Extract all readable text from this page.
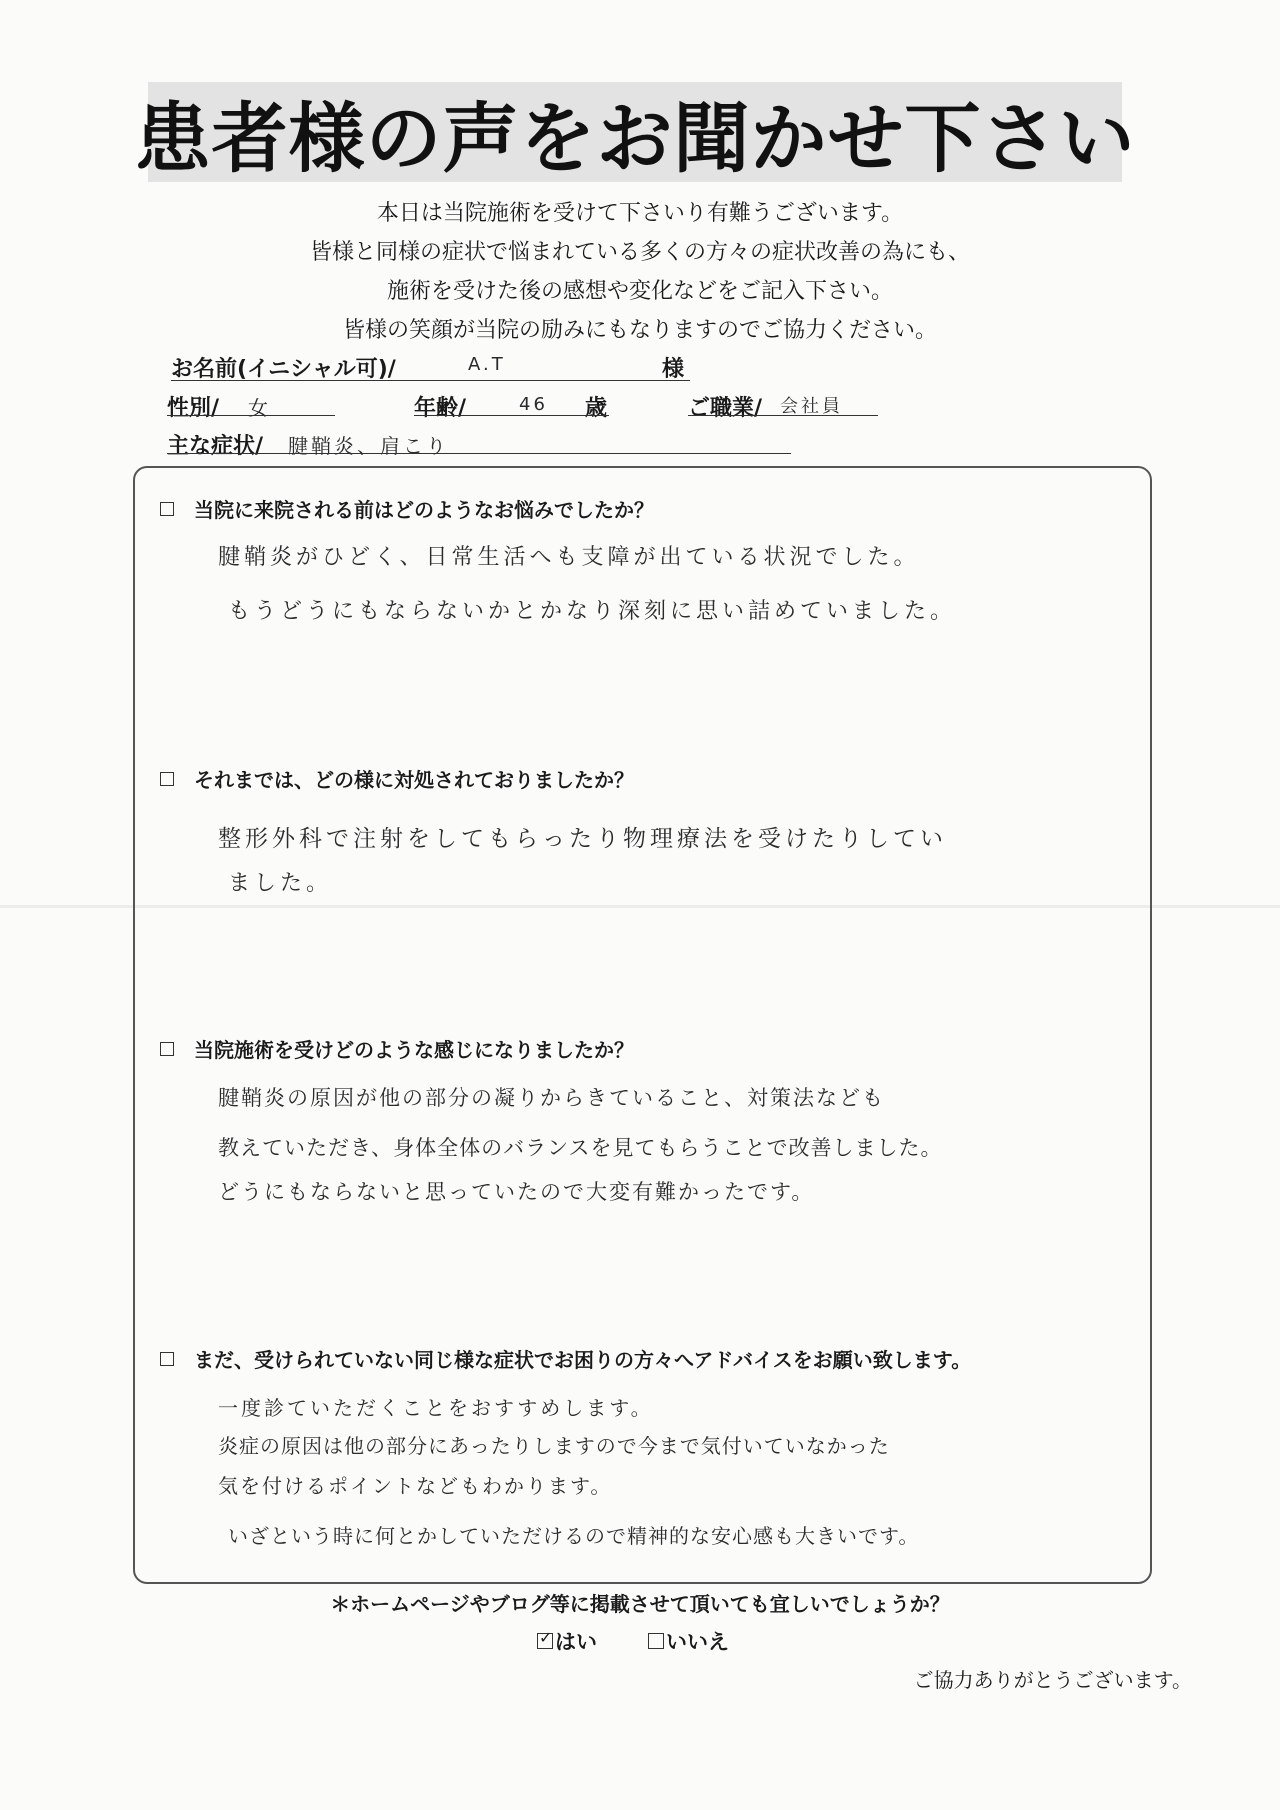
患者様の声をお聞かせ下さい
本日は当院施術を受けて下さいり有難うございます。
皆様と同様の症状で悩まれている多くの方々の症状改善の為にも、
施術を受けた後の感想や変化などをご記入下さい。
皆様の笑顔が当院の励みにもなりますのでご協力ください。
お名前(イニシャル可)/	A.T	様
性別/ 女	年齢/	46 歳	ご職業/ 会社員
主な症状/ 腱鞘炎、肩こり
当院に来院される前はどのようなお悩みでしたか？
腱鞘炎がひどく、日常生活へも支障が出ている状況でした。
もうどうにもならないかとかなり深刻に思い詰めていました。
それまでは、どの様に対処されておりましたか？
整形外科で注射をしてもらったり物理療法を受けたりしてい
ました。
当院施術を受けどのような感じになりましたか？
腱鞘炎の原因が他の部分の凝りからきていること、対策法なども
教えていただき、身体全体のバランスを見てもらうことで改善しました。
どうにもならないと思っていたので大変有難かったです。
まだ、受けられていない同じ様な症状でお困りの方々へアドバイスをお願い致します。
一度診ていただくことをおすすめします。
炎症の原因は他の部分にあったりしますので今まで気付いていなかった
気を付けるポイントなどもわかります。
いざという時に何とかしていただけるので精神的な安心感も大きいです。
＊ホームページやブログ等に掲載させて頂いても宜しいでしょうか？
✓ はい	いいえ
ご協力ありがとうございます。
